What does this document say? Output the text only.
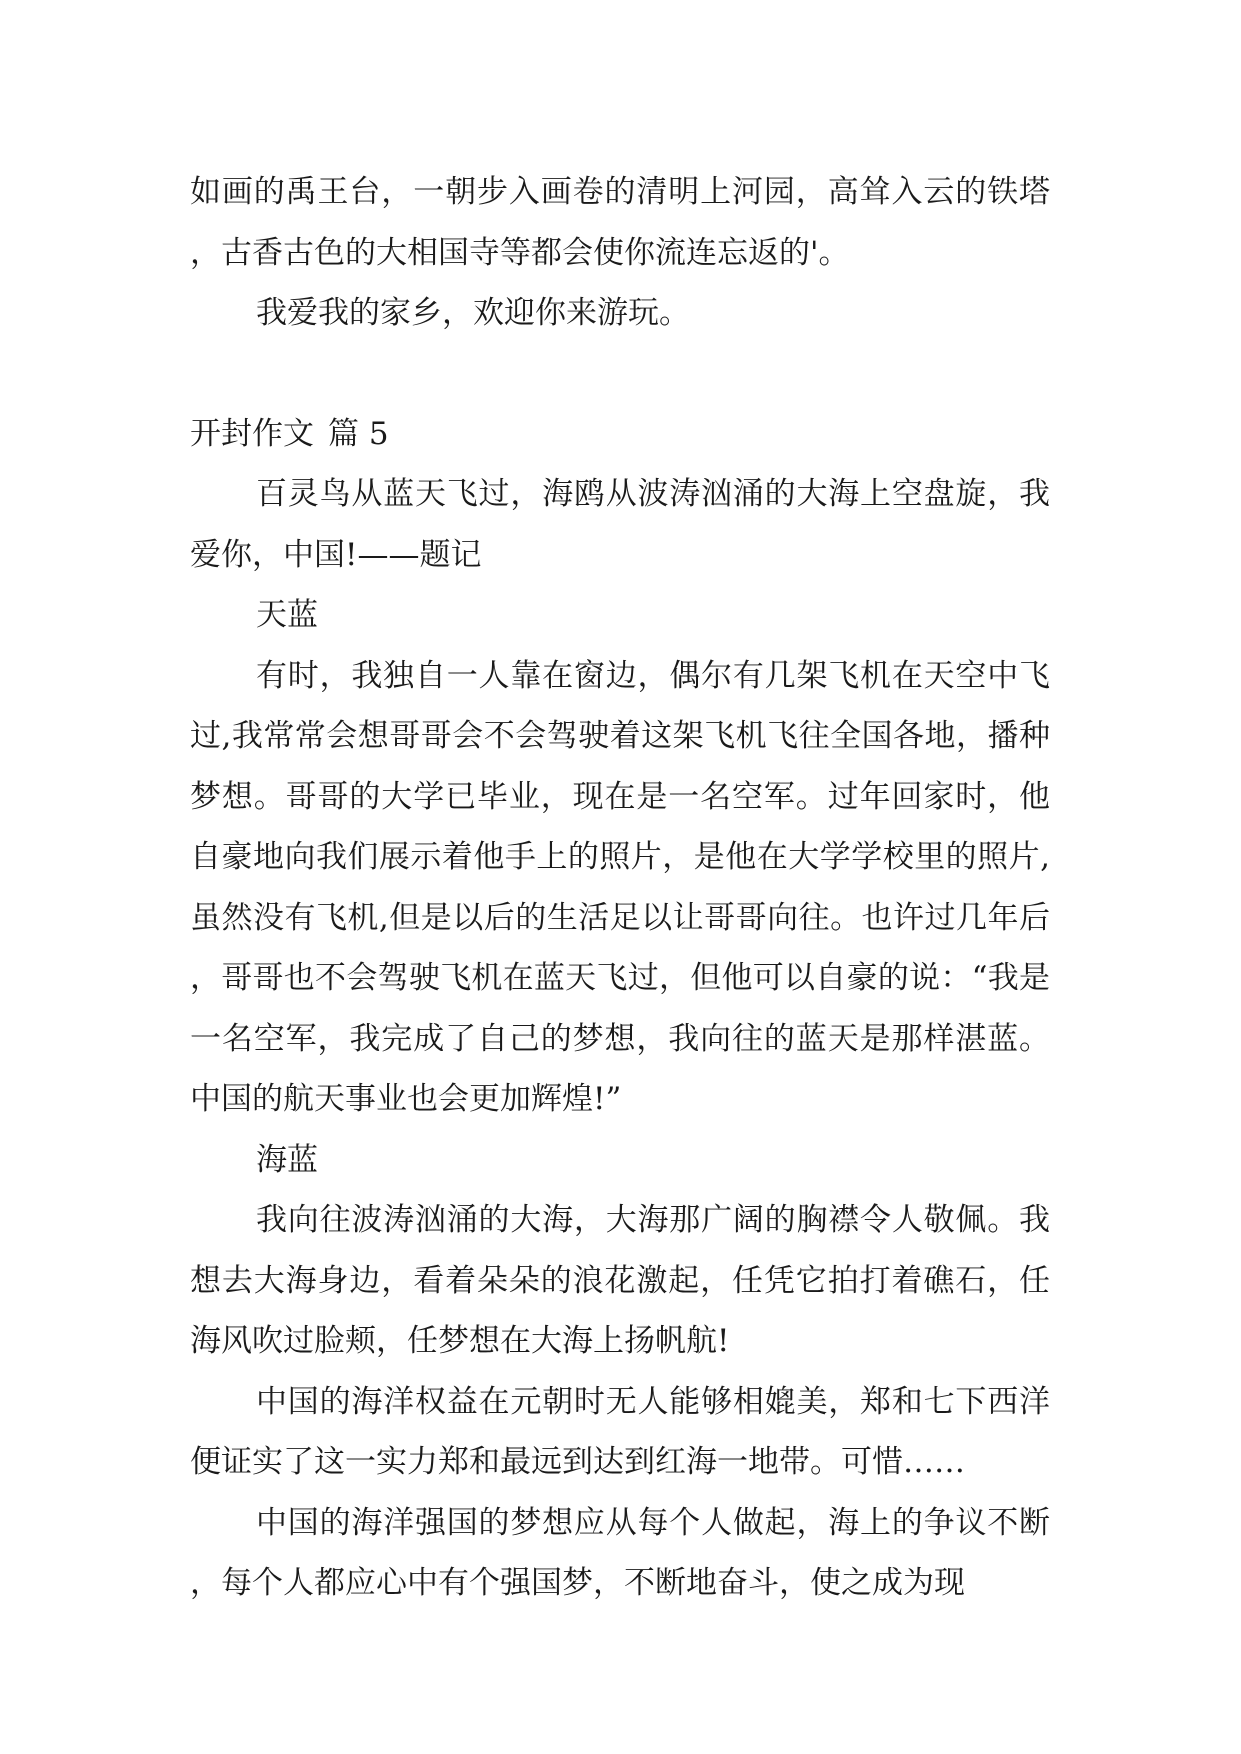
如画的禹王台，一朝步入画卷的清明上河园，高耸入云的铁塔，古香古色的大相国寺等都会使你流连忘返的'。

我爱我的家乡，欢迎你来游玩。

开封作文 篇 5

百灵鸟从蓝天飞过，海鸥从波涛汹涌的大海上空盘旋，我爱你，中国!——题记

天蓝

有时，我独自一人靠在窗边，偶尔有几架飞机在天空中飞过,我常常会想哥哥会不会驾驶着这架飞机飞往全国各地，播种梦想。哥哥的大学已毕业，现在是一名空军。过年回家时，他自豪地向我们展示着他手上的照片，是他在大学学校里的照片,虽然没有飞机,但是以后的生活足以让哥哥向往。也许过几年后，哥哥也不会驾驶飞机在蓝天飞过，但他可以自豪的说：“我是一名空军，我完成了自己的梦想，我向往的蓝天是那样湛蓝。中国的航天事业也会更加辉煌!”

海蓝

我向往波涛汹涌的大海，大海那广阔的胸襟令人敬佩。我想去大海身边，看着朵朵的浪花激起，任凭它拍打着礁石，任海风吹过脸颊，任梦想在大海上扬帆航!

中国的海洋权益在元朝时无人能够相媲美，郑和七下西洋便证实了这一实力郑和最远到达到红海一地带。可惜……

中国的海洋强国的梦想应从每个人做起，海上的争议不断，每个人都应心中有个强国梦，不断地奋斗，使之成为现
